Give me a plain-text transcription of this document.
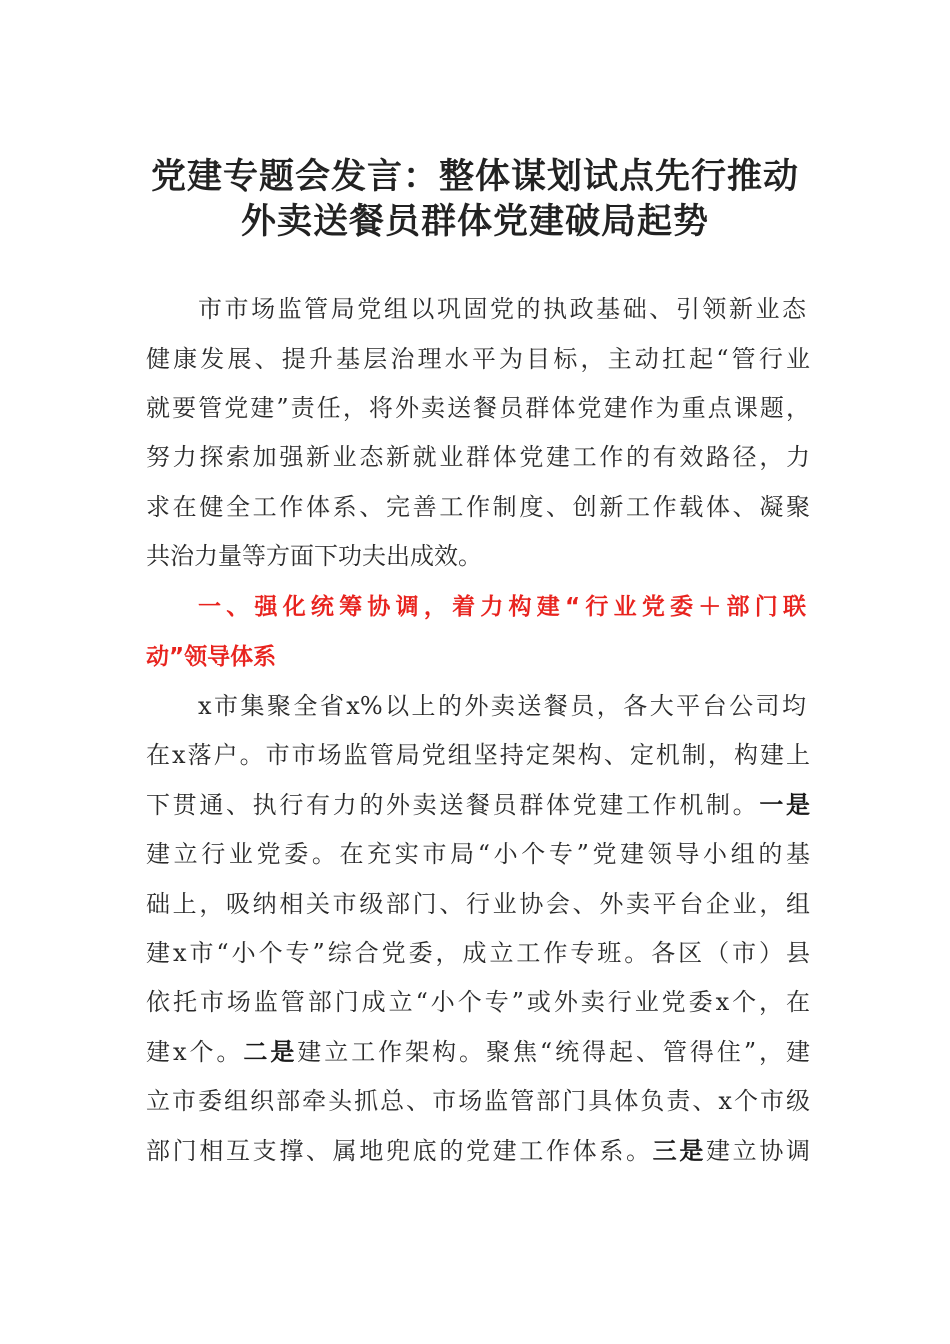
党建专题会发言：整体谋划试点先行推动
外卖送餐员群体党建破局起势
市市场监管局党组以巩固党的执政基础、引领新业态
健康发展、提升基层治理水平为目标，主动扛起“管行业
就要管党建”责任，将外卖送餐员群体党建作为重点课题，
努力探索加强新业态新就业群体党建工作的有效路径，力
求在健全工作体系、完善工作制度、创新工作载体、凝聚
共治力量等方面下功夫出成效。
一、强化统筹协调，着力构建“行业党委＋部门联
动”领导体系
x市集聚全省x%以上的外卖送餐员，各大平台公司均
在x落户。市市场监管局党组坚持定架构、定机制，构建上
下贯通、执行有力的外卖送餐员群体党建工作机制。一是
建立行业党委。在充实市局“小个专”党建领导小组的基
础上，吸纳相关市级部门、行业协会、外卖平台企业，组
建x市“小个专”综合党委，成立工作专班。各区（市）县
依托市场监管部门成立“小个专”或外卖行业党委x个，在
建x个。二是建立工作架构。聚焦“统得起、管得住”，建
立市委组织部牵头抓总、市场监管部门具体负责、x个市级
部门相互支撑、属地兜底的党建工作体系。三是建立协调
